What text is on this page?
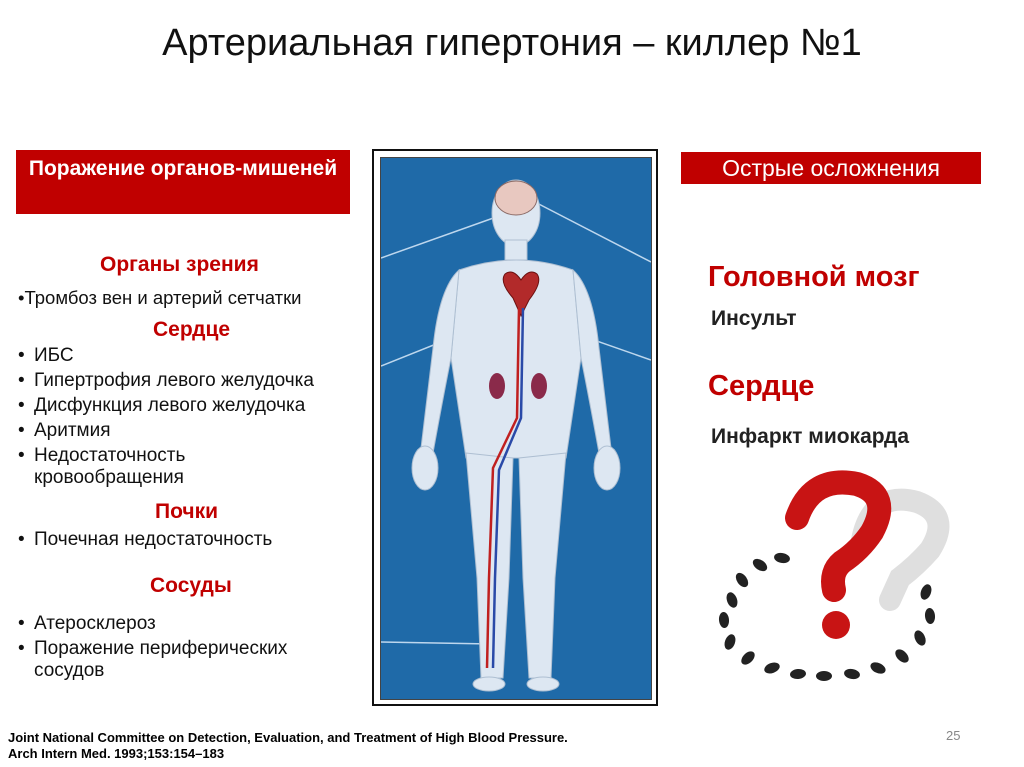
Артериальная гипертония – киллер №1
Поражение органов-мишеней
Органы зрения
•Тромбоз вен и артерий сетчатки
Сердце
• ИБС
• Гипертрофия левого желудочка
• Дисфункция левого желудочка
• Аритмия
• Недостаточность кровообращения
Почки
• Почечная недостаточность
Сосуды
• Атеросклероз
• Поражение периферических сосудов
Острые осложнения
Головной мозг
Инсульт
Сердце
Инфаркт миокарда
Joint National Committee on Detection, Evaluation, and Treatment of High Blood Pressure.
Arch Intern Med. 1993;153:154–183
25
